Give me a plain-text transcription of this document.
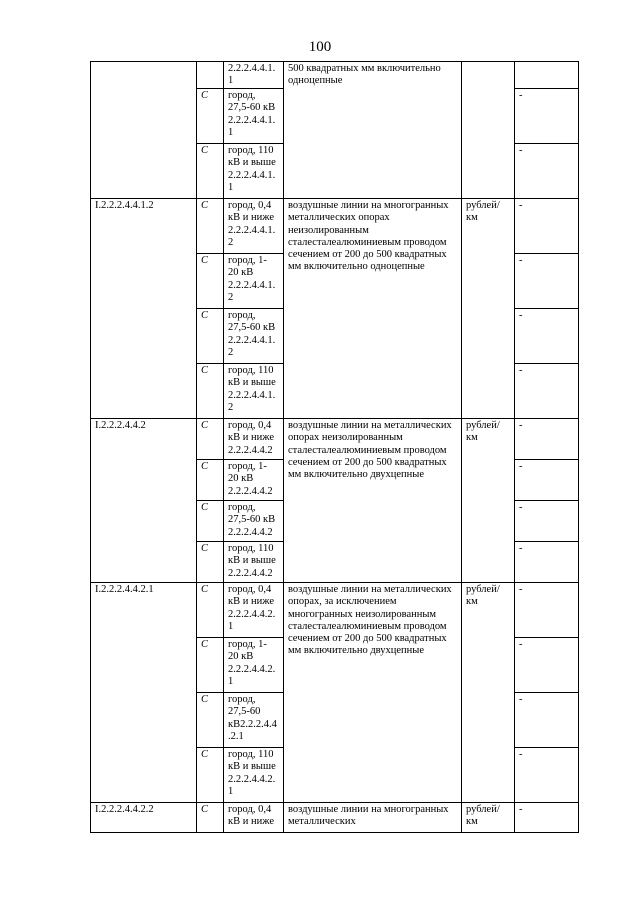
100
		2.2.2.4.4.1.
1	500 квадратных мм включительно одноцепные		
	С	город,
27,5-60 кВ
2.2.2.4.4.1.
1			-
	С	город, 110
кВ и выше
2.2.2.4.4.1.
1			-
I.2.2.2.4.4.1.2	С	город, 0,4
кВ и ниже
2.2.2.4.4.1.
2	воздушные линии на многогранных металлических опорах неизолированным сталесталеалюминиевым проводом сечением от 200 до 500 квадратных мм включительно одноцепные	рублей/
км	-
	С	город, 1-
20 кВ
2.2.2.4.4.1.
2			-
	С	город,
27,5-60 кВ
2.2.2.4.4.1.
2			-
	С	город, 110
кВ и выше
2.2.2.4.4.1.
2			-
I.2.2.2.4.4.2	С	город, 0,4
кВ и ниже
2.2.2.4.4.2	воздушные линии на металлических опорах неизолированным сталесталеалюминиевым проводом сечением от 200 до 500 квадратных мм включительно двухцепные	рублей/
км	-
	С	город, 1-
20 кВ
2.2.2.4.4.2			-
	С	город,
27,5-60 кВ
2.2.2.4.4.2			-
	С	город, 110
кВ и выше
2.2.2.4.4.2			-
I.2.2.2.4.4.2.1	С	город, 0,4
кВ и ниже
2.2.2.4.4.2.
1	воздушные линии на металлических опорах, за исключением многогранных неизолированным сталесталеалюминиевым проводом сечением от 200 до 500 квадратных мм включительно двухцепные	рублей/
км	-
	С	город, 1-
20 кВ
2.2.2.4.4.2.
1			-
	С	город,
27,5-60
кВ2.2.2.4.4
.2.1			-
	С	город, 110
кВ и выше
2.2.2.4.4.2.
1			-
I.2.2.2.4.4.2.2	С	город, 0,4
кВ и ниже	воздушные линии на многогранных металлических	рублей/
км	-
